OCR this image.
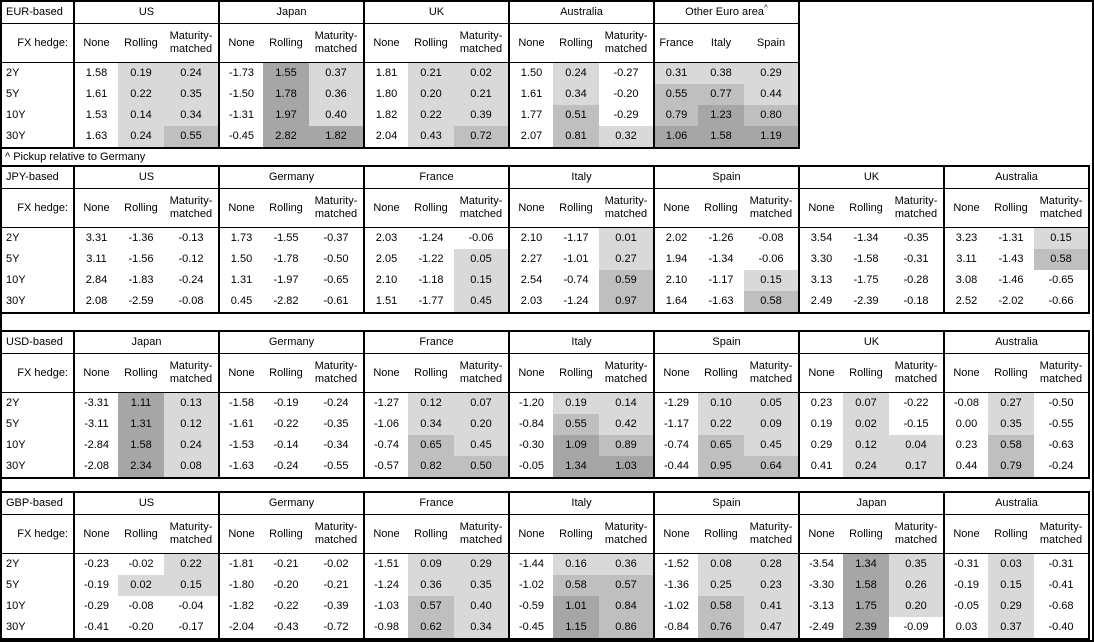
EUR-based	US			Japan			UK			Australia			Other Euro area^
FX hedge:	None	Rolling	Maturity-matched	None	Rolling	Maturity-matched	None	Rolling	Maturity-matched	None	Rolling	Maturity-matched	France	Italy	Spain
2Y	1.58	0.19	0.24	-1.73	1.55	0.37	1.81	0.21	0.02	1.50	0.24	-0.27	0.31	0.38	0.29
5Y	1.61	0.22	0.35	-1.50	1.78	0.36	1.80	0.20	0.21	1.61	0.34	-0.20	0.55	0.77	0.44
10Y	1.53	0.14	0.34	-1.31	1.97	0.40	1.82	0.22	0.39	1.77	0.51	-0.29	0.79	1.23	0.80
30Y	1.63	0.24	0.55	-0.45	2.82	1.82	2.04	0.43	0.72	2.07	0.81	0.32	1.06	1.58	1.19
JPY-based	US			Germany			France			Italy			Spain			UK			Australia		
FX hedge:	None	Rolling	Maturity-matched	None	Rolling	Maturity-matched	None	Rolling	Maturity-matched	None	Rolling	Maturity-matched	None	Rolling	Maturity-matched	None	Rolling	Maturity-matched	None	Rolling	Maturity-matched
2Y	3.31	-1.36	-0.13	1.73	-1.55	-0.37	2.03	-1.24	-0.06	2.10	-1.17	0.01	2.02	-1.26	-0.08	3.54	-1.34	-0.35	3.23	-1.31	0.15
5Y	3.11	-1.56	-0.12	1.50	-1.78	-0.50	2.05	-1.22	0.05	2.27	-1.01	0.27	1.94	-1.34	-0.06	3.30	-1.58	-0.31	3.11	-1.43	0.58
10Y	2.84	-1.83	-0.24	1.31	-1.97	-0.65	2.10	-1.18	0.15	2.54	-0.74	0.59	2.10	-1.17	0.15	3.13	-1.75	-0.28	3.08	-1.46	-0.65
30Y	2.08	-2.59	-0.08	0.45	-2.82	-0.61	1.51	-1.77	0.45	2.03	-1.24	0.97	1.64	-1.63	0.58	2.49	-2.39	-0.18	2.52	-2.02	-0.66
USD-based	Japan			Germany			France			Italy			Spain			UK			Australia		
FX hedge:	None	Rolling	Maturity-matched	None	Rolling	Maturity-matched	None	Rolling	Maturity-matched	None	Rolling	Maturity-matched	None	Rolling	Maturity-matched	None	Rolling	Maturity-matched	None	Rolling	Maturity-matched
2Y	-3.31	1.11	0.13	-1.58	-0.19	-0.24	-1.27	0.12	0.07	-1.20	0.19	0.14	-1.29	0.10	0.05	0.23	0.07	-0.22	-0.08	0.27	-0.50
5Y	-3.11	1.31	0.12	-1.61	-0.22	-0.35	-1.06	0.34	0.20	-0.84	0.55	0.42	-1.17	0.22	0.09	0.19	0.02	-0.15	0.00	0.35	-0.55
10Y	-2.84	1.58	0.24	-1.53	-0.14	-0.34	-0.74	0.65	0.45	-0.30	1.09	0.89	-0.74	0.65	0.45	0.29	0.12	0.04	0.23	0.58	-0.63
30Y	-2.08	2.34	0.08	-1.63	-0.24	-0.55	-0.57	0.82	0.50	-0.05	1.34	1.03	-0.44	0.95	0.64	0.41	0.24	0.17	0.44	0.79	-0.24
GBP-based	US			Germany			France			Italy			Spain			Japan			Australia		
FX hedge:	None	Rolling	Maturity-matched	None	Rolling	Maturity-matched	None	Rolling	Maturity-matched	None	Rolling	Maturity-matched	None	Rolling	Maturity-matched	None	Rolling	Maturity-matched	None	Rolling	Maturity-matched
2Y	-0.23	-0.02	0.22	-1.81	-0.21	-0.02	-1.51	0.09	0.29	-1.44	0.16	0.36	-1.52	0.08	0.28	-3.54	1.34	0.35	-0.31	0.03	-0.31
5Y	-0.19	0.02	0.15	-1.80	-0.20	-0.21	-1.24	0.36	0.35	-1.02	0.58	0.57	-1.36	0.25	0.23	-3.30	1.58	0.26	-0.19	0.15	-0.41
10Y	-0.29	-0.08	-0.04	-1.82	-0.22	-0.39	-1.03	0.57	0.40	-0.59	1.01	0.84	-1.02	0.58	0.41	-3.13	1.75	0.20	-0.05	0.29	-0.68
30Y	-0.41	-0.20	-0.17	-2.04	-0.43	-0.72	-0.98	0.62	0.34	-0.45	1.15	0.86	-0.84	0.76	0.47	-2.49	2.39	-0.09	0.03	0.37	-0.40
^ Pickup relative to Germany
